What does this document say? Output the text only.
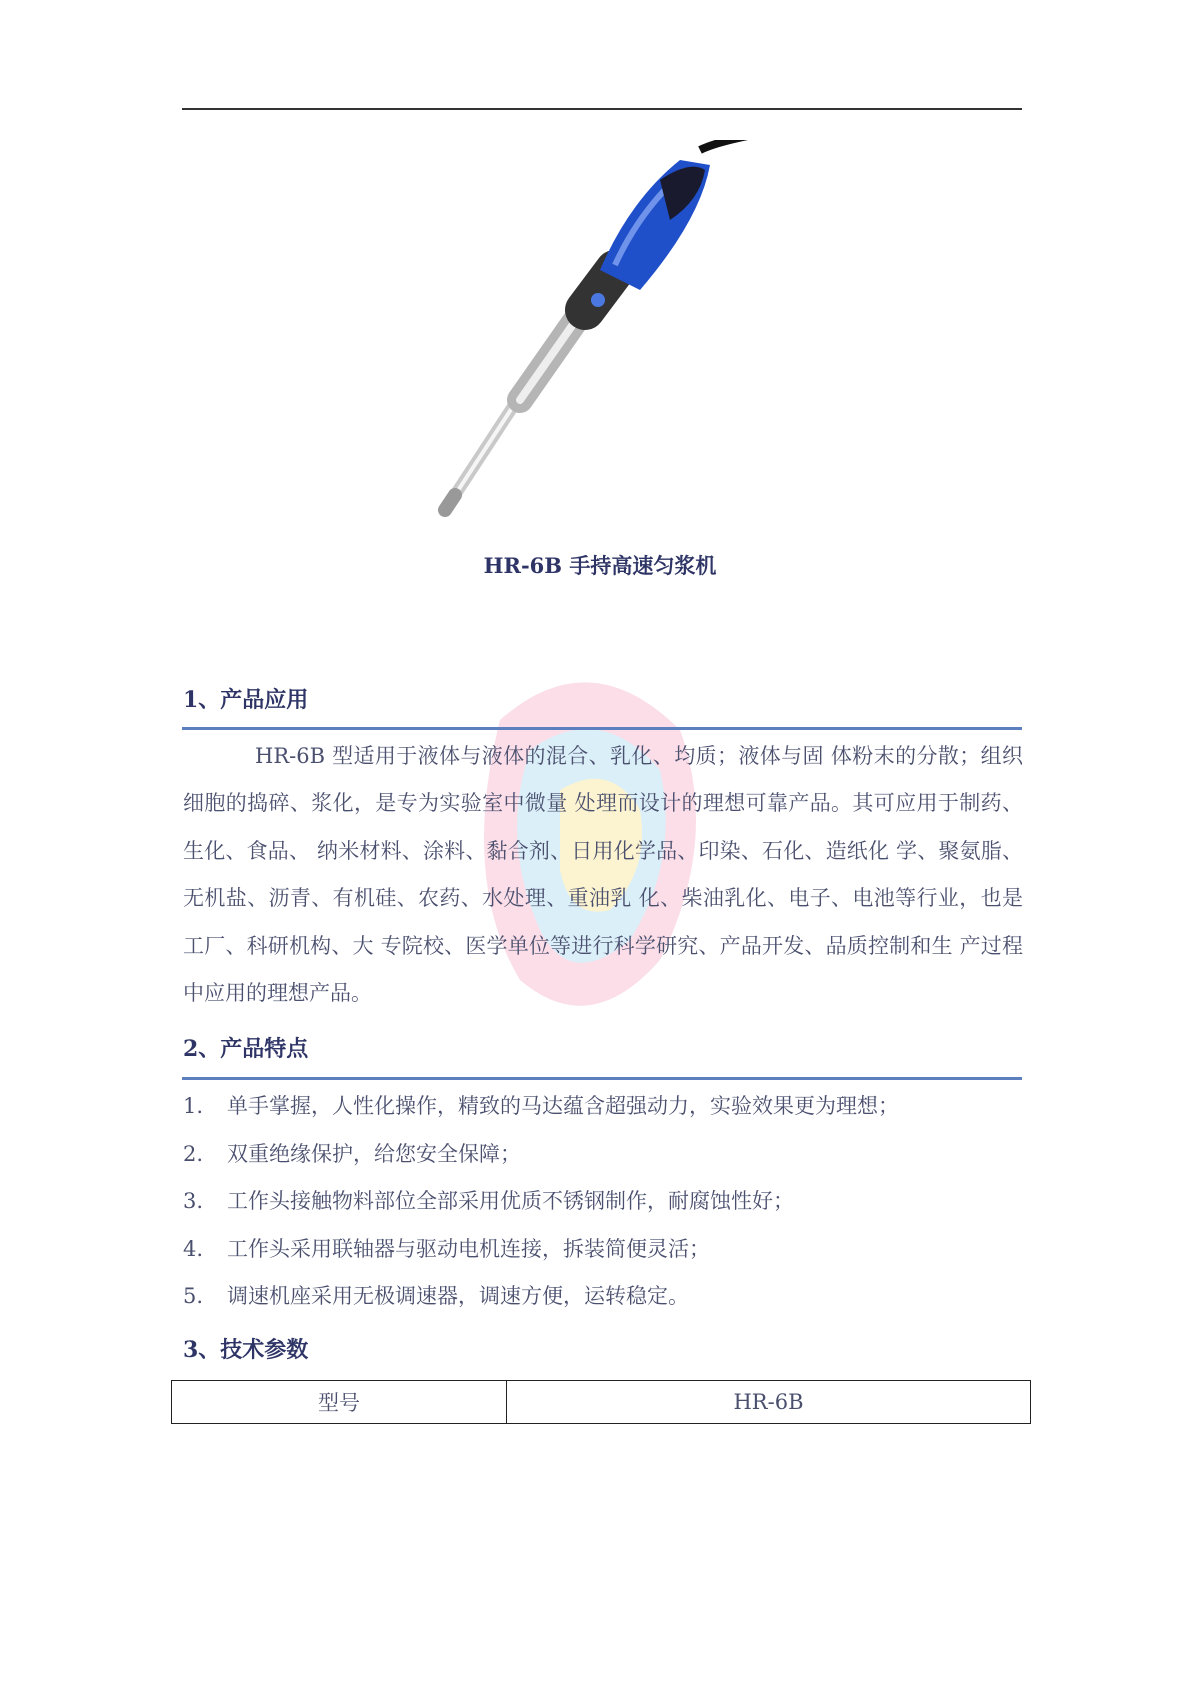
HR-6B 手持高速匀浆机
1、产品应用

HR-6B 型适用于液体与液体的混合、乳化、均质；液体与固 体粉末的分散；组织细胞的捣碎、浆化，是专为实验室中微量 处理而设计的理想可靠产品。其可应用于制药、生化、食品、 纳米材料、涂料、黏合剂、日用化学品、印染、石化、造纸化 学、聚氨脂、无机盐、沥青、有机硅、农药、水处理、重油乳 化、柴油乳化、电子、电池等行业，也是工厂、科研机构、大 专院校、医学单位等进行科学研究、产品开发、品质控制和生 产过程中应用的理想产品。

2、产品特点
1. 单手掌握，人性化操作，精致的马达蕴含超强动力，实验效果更为理想；
2. 双重绝缘保护，给您安全保障；
3. 工作头接触物料部位全部采用优质不锈钢制作，耐腐蚀性好；
4. 工作头采用联轴器与驱动电机连接，拆装简便灵活；
5. 调速机座采用无极调速器，调速方便，运转稳定。
3、技术参数
型号	HR-6B
